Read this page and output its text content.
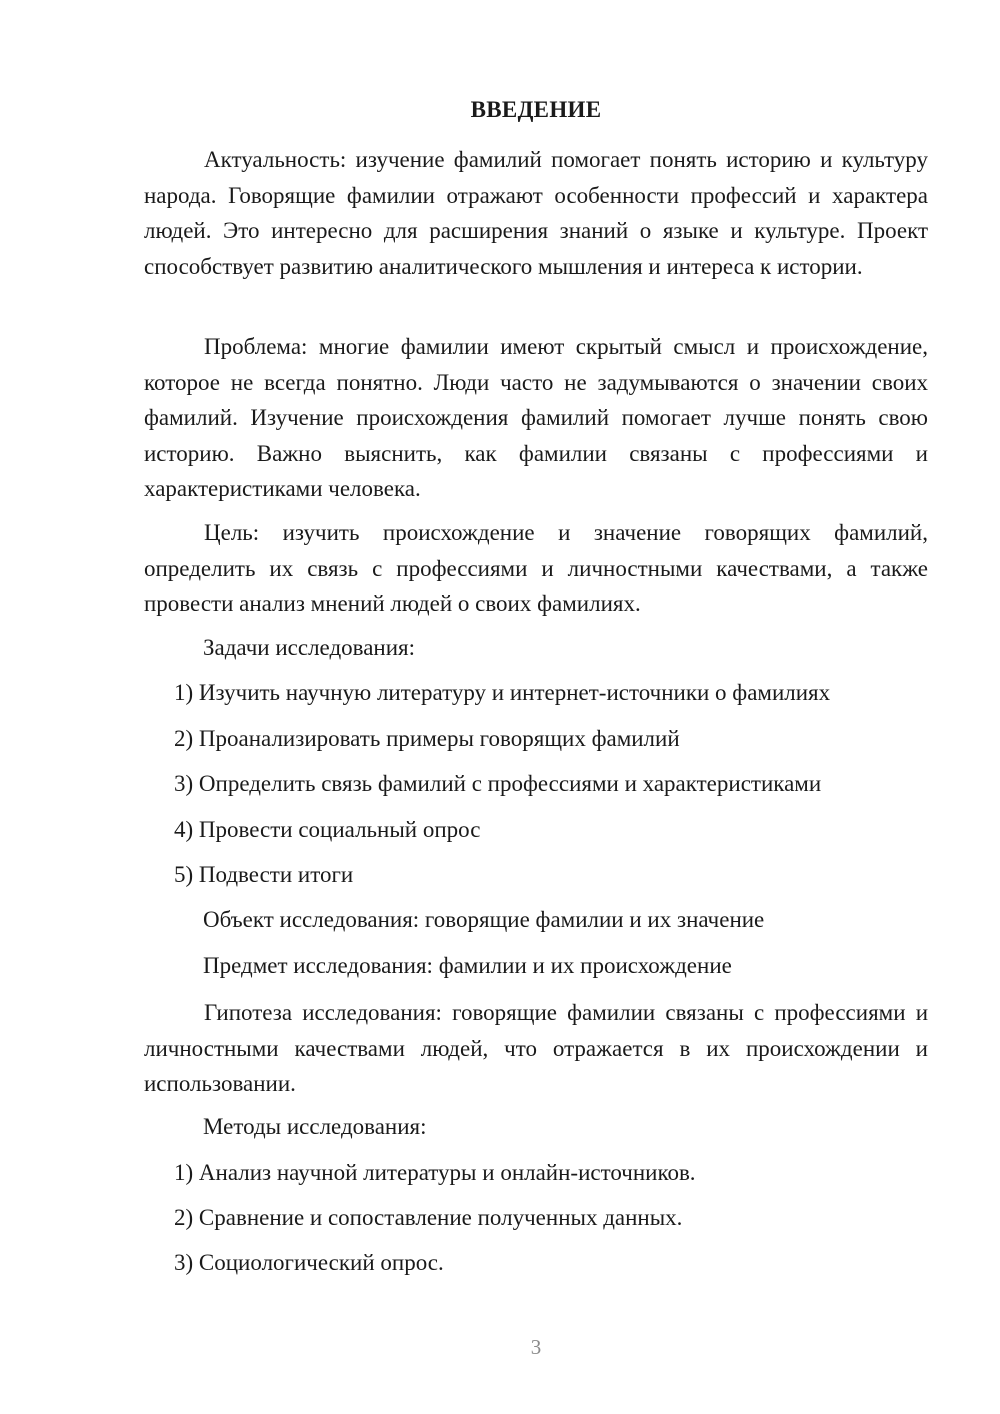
ВВЕДЕНИЕ

Актуальность: изучение фамилий помогает понять историю и культуру народа. Говорящие фамилии отражают особенности профессий и характера людей. Это интересно для расширения знаний о языке и культуре. Проект способствует развитию аналитического мышления и интереса к истории.

Проблема: многие фамилии имеют скрытый смысл и происхождение, которое не всегда понятно. Люди часто не задумываются о значении своих фамилий. Изучение происхождения фамилий помогает лучше понять свою историю. Важно выяснить, как фамилии связаны с профессиями и характеристиками человека.

Цель: изучить происхождение и значение говорящих фамилий, определить их связь с профессиями и личностными качествами, а также провести анализ мнений людей о своих фамилиях.

Задачи исследования:

1) Изучить научную литературу и интернет-источники о фамилиях

2) Проанализировать примеры говорящих фамилий

3) Определить связь фамилий с профессиями и характеристиками

4) Провести социальный опрос

5) Подвести итоги

Объект исследования: говорящие фамилии и их значение

Предмет исследования: фамилии и их происхождение

Гипотеза исследования: говорящие фамилии связаны с профессиями и личностными качествами людей, что отражается в их происхождении и использовании.

Методы исследования:

1) Анализ научной литературы и онлайн-источников.

2) Сравнение и сопоставление полученных данных.

3) Социологический опрос.

3
